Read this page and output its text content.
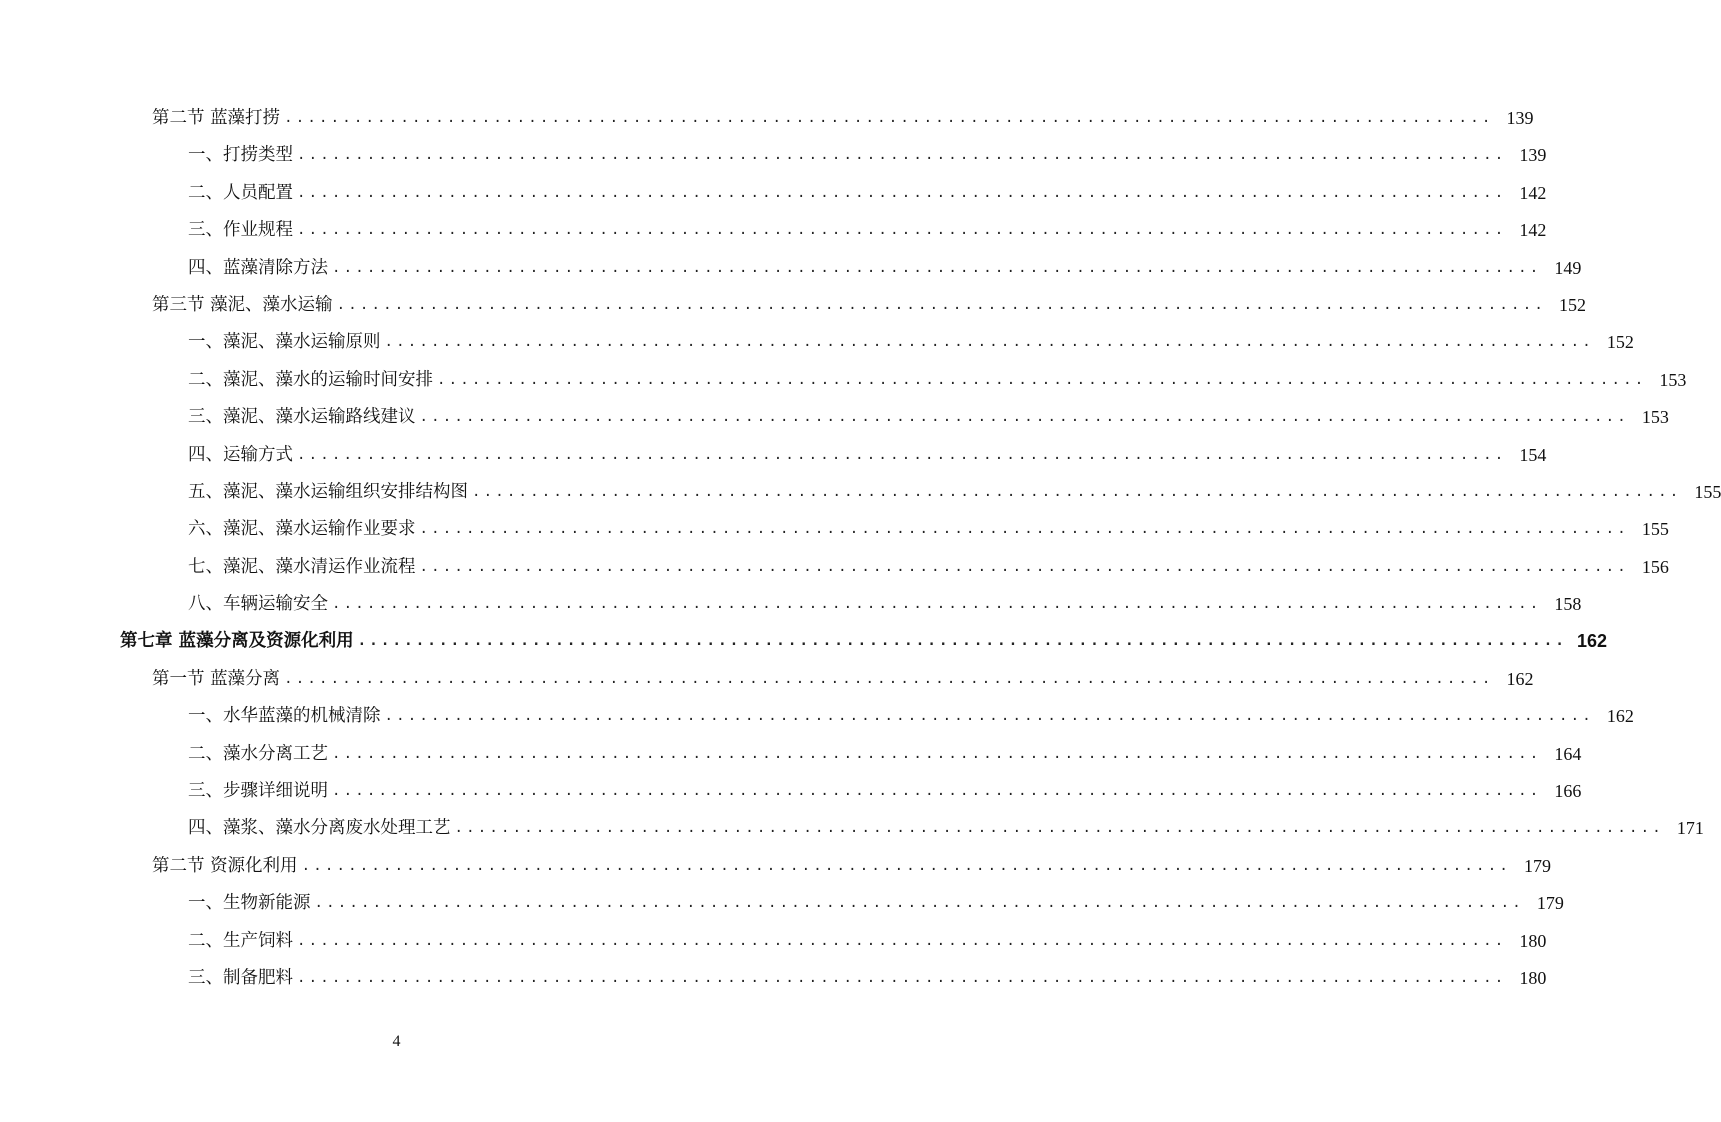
第二节 蓝藻打捞 ........................................................................................................ 139
一、打捞类型 ........................................................................................................ 139
二、人员配置 ........................................................................................................ 142
三、作业规程 ........................................................................................................ 142
四、蓝藻清除方法 ........................................................................................................ 149
第三节 藻泥、藻水运输 ........................................................................................................ 152
一、藻泥、藻水运输原则 ........................................................................................................ 152
二、藻泥、藻水的运输时间安排 ........................................................................................................ 153
三、藻泥、藻水运输路线建议 ........................................................................................................ 153
四、运输方式 ........................................................................................................ 154
五、藻泥、藻水运输组织安排结构图 ........................................................................................................ 155
六、藻泥、藻水运输作业要求 ........................................................................................................ 155
七、藻泥、藻水清运作业流程 ........................................................................................................ 156
八、车辆运输安全 ........................................................................................................ 158
第七章 蓝藻分离及资源化利用 ........................................................................................................ 162
第一节 蓝藻分离 ........................................................................................................ 162
一、水华蓝藻的机械清除 ........................................................................................................ 162
二、藻水分离工艺 ........................................................................................................ 164
三、步骤详细说明 ........................................................................................................ 166
四、藻浆、藻水分离废水处理工艺 ........................................................................................................ 171
第二节 资源化利用 ........................................................................................................ 179
一、生物新能源 ........................................................................................................ 179
二、生产饲料 ........................................................................................................ 180
三、制备肥料 ........................................................................................................ 180
4
